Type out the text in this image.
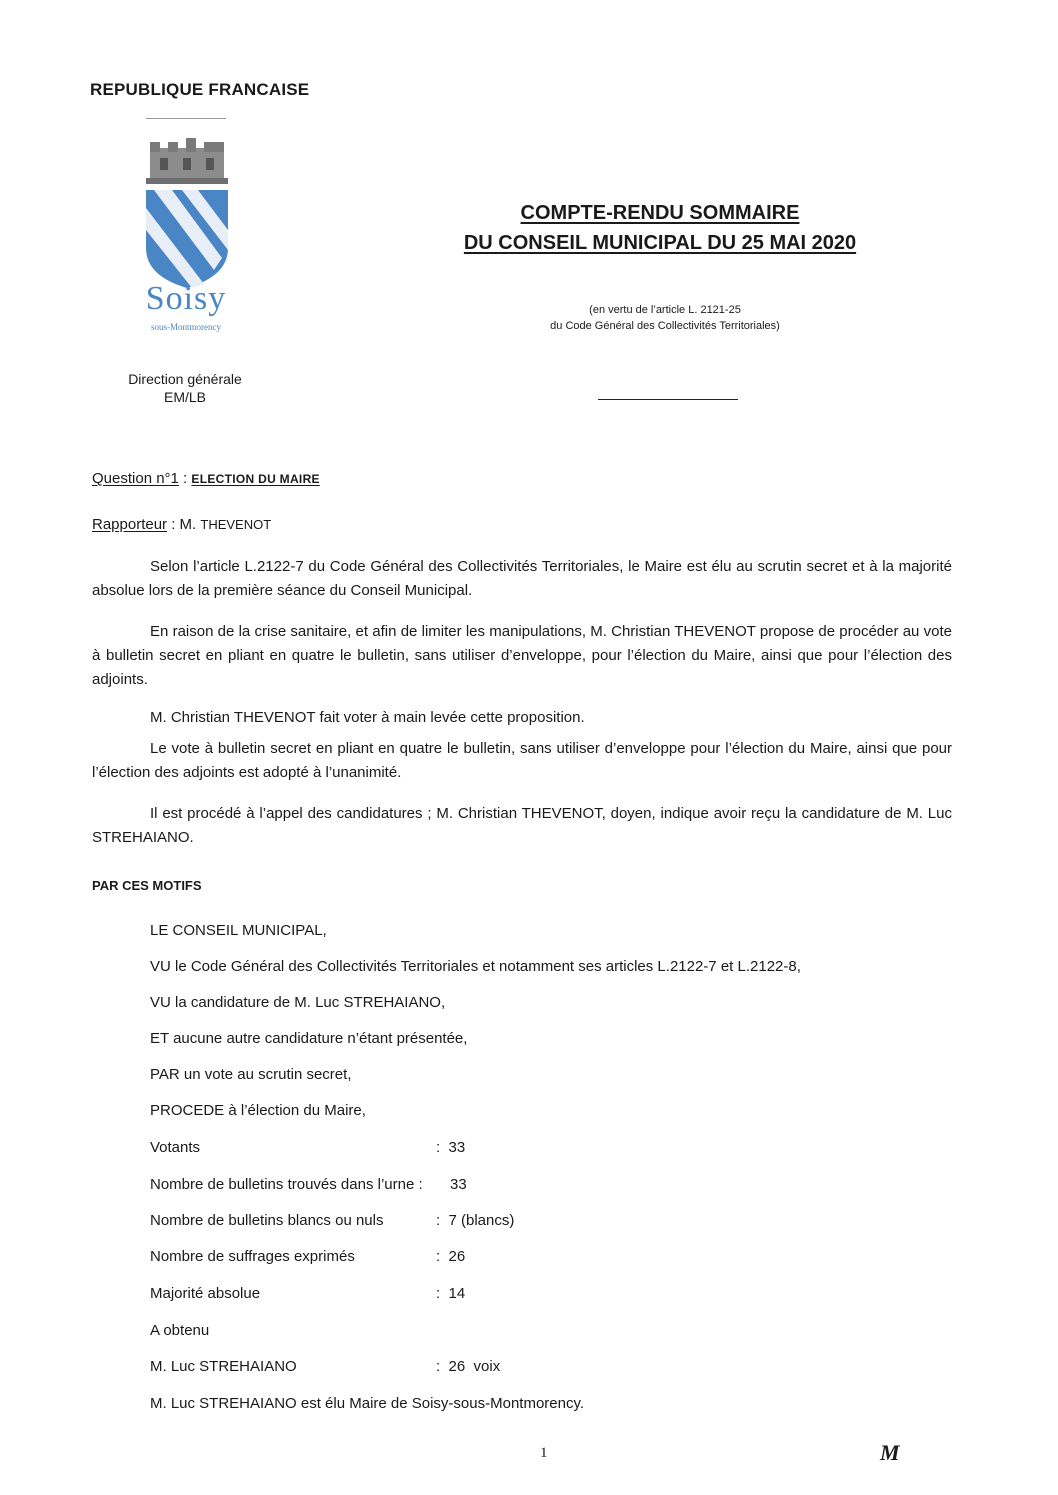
REPUBLIQUE FRANCAISE
Soisy
sous-Montmorency
Direction générale
EM/LB
COMPTE-RENDU SOMMAIRE
DU CONSEIL MUNICIPAL DU 25 MAI 2020
(en vertu de l’article L. 2121-25
du Code Général des Collectivités Territoriales)
Question n°1 : ELECTION DU MAIRE
Rapporteur : M. THEVENOT
Selon l’article L.2122-7 du Code Général des Collectivités Territoriales, le Maire est élu au scrutin secret et à la majorité absolue lors de la première séance du Conseil Municipal.
En raison de la crise sanitaire, et afin de limiter les manipulations, M. Christian THEVENOT propose de procéder au vote à bulletin secret en pliant en quatre le bulletin, sans utiliser d’enveloppe, pour l’élection du Maire, ainsi que pour l’élection des adjoints.
M. Christian THEVENOT fait voter à main levée cette proposition.
Le vote à bulletin secret en pliant en quatre le bulletin, sans utiliser d’enveloppe pour l’élection du Maire, ainsi que pour l’élection des adjoints est adopté à l’unanimité.
Il est procédé à l’appel des candidatures ; M. Christian THEVENOT, doyen, indique avoir reçu la candidature de M. Luc STREHAIANO.
PAR CES MOTIFS
LE CONSEIL MUNICIPAL,
VU le Code Général des Collectivités Territoriales et notamment ses articles L.2122-7 et L.2122-8,
VU la candidature de M. Luc STREHAIANO,
ET aucune autre candidature n’étant présentée,
PAR un vote au scrutin secret,
PROCEDE à l’élection du Maire,
Votants	:  33
Nombre de bulletins trouvés dans l’urne : 33
Nombre de bulletins blancs ou nuls	:  7 (blancs)
Nombre de suffrages exprimés	:  26
Majorité absolue	:  14
A obtenu
M. Luc STREHAIANO	:  26  voix
M. Luc STREHAIANO est élu Maire de Soisy-sous-Montmorency.
1	M
